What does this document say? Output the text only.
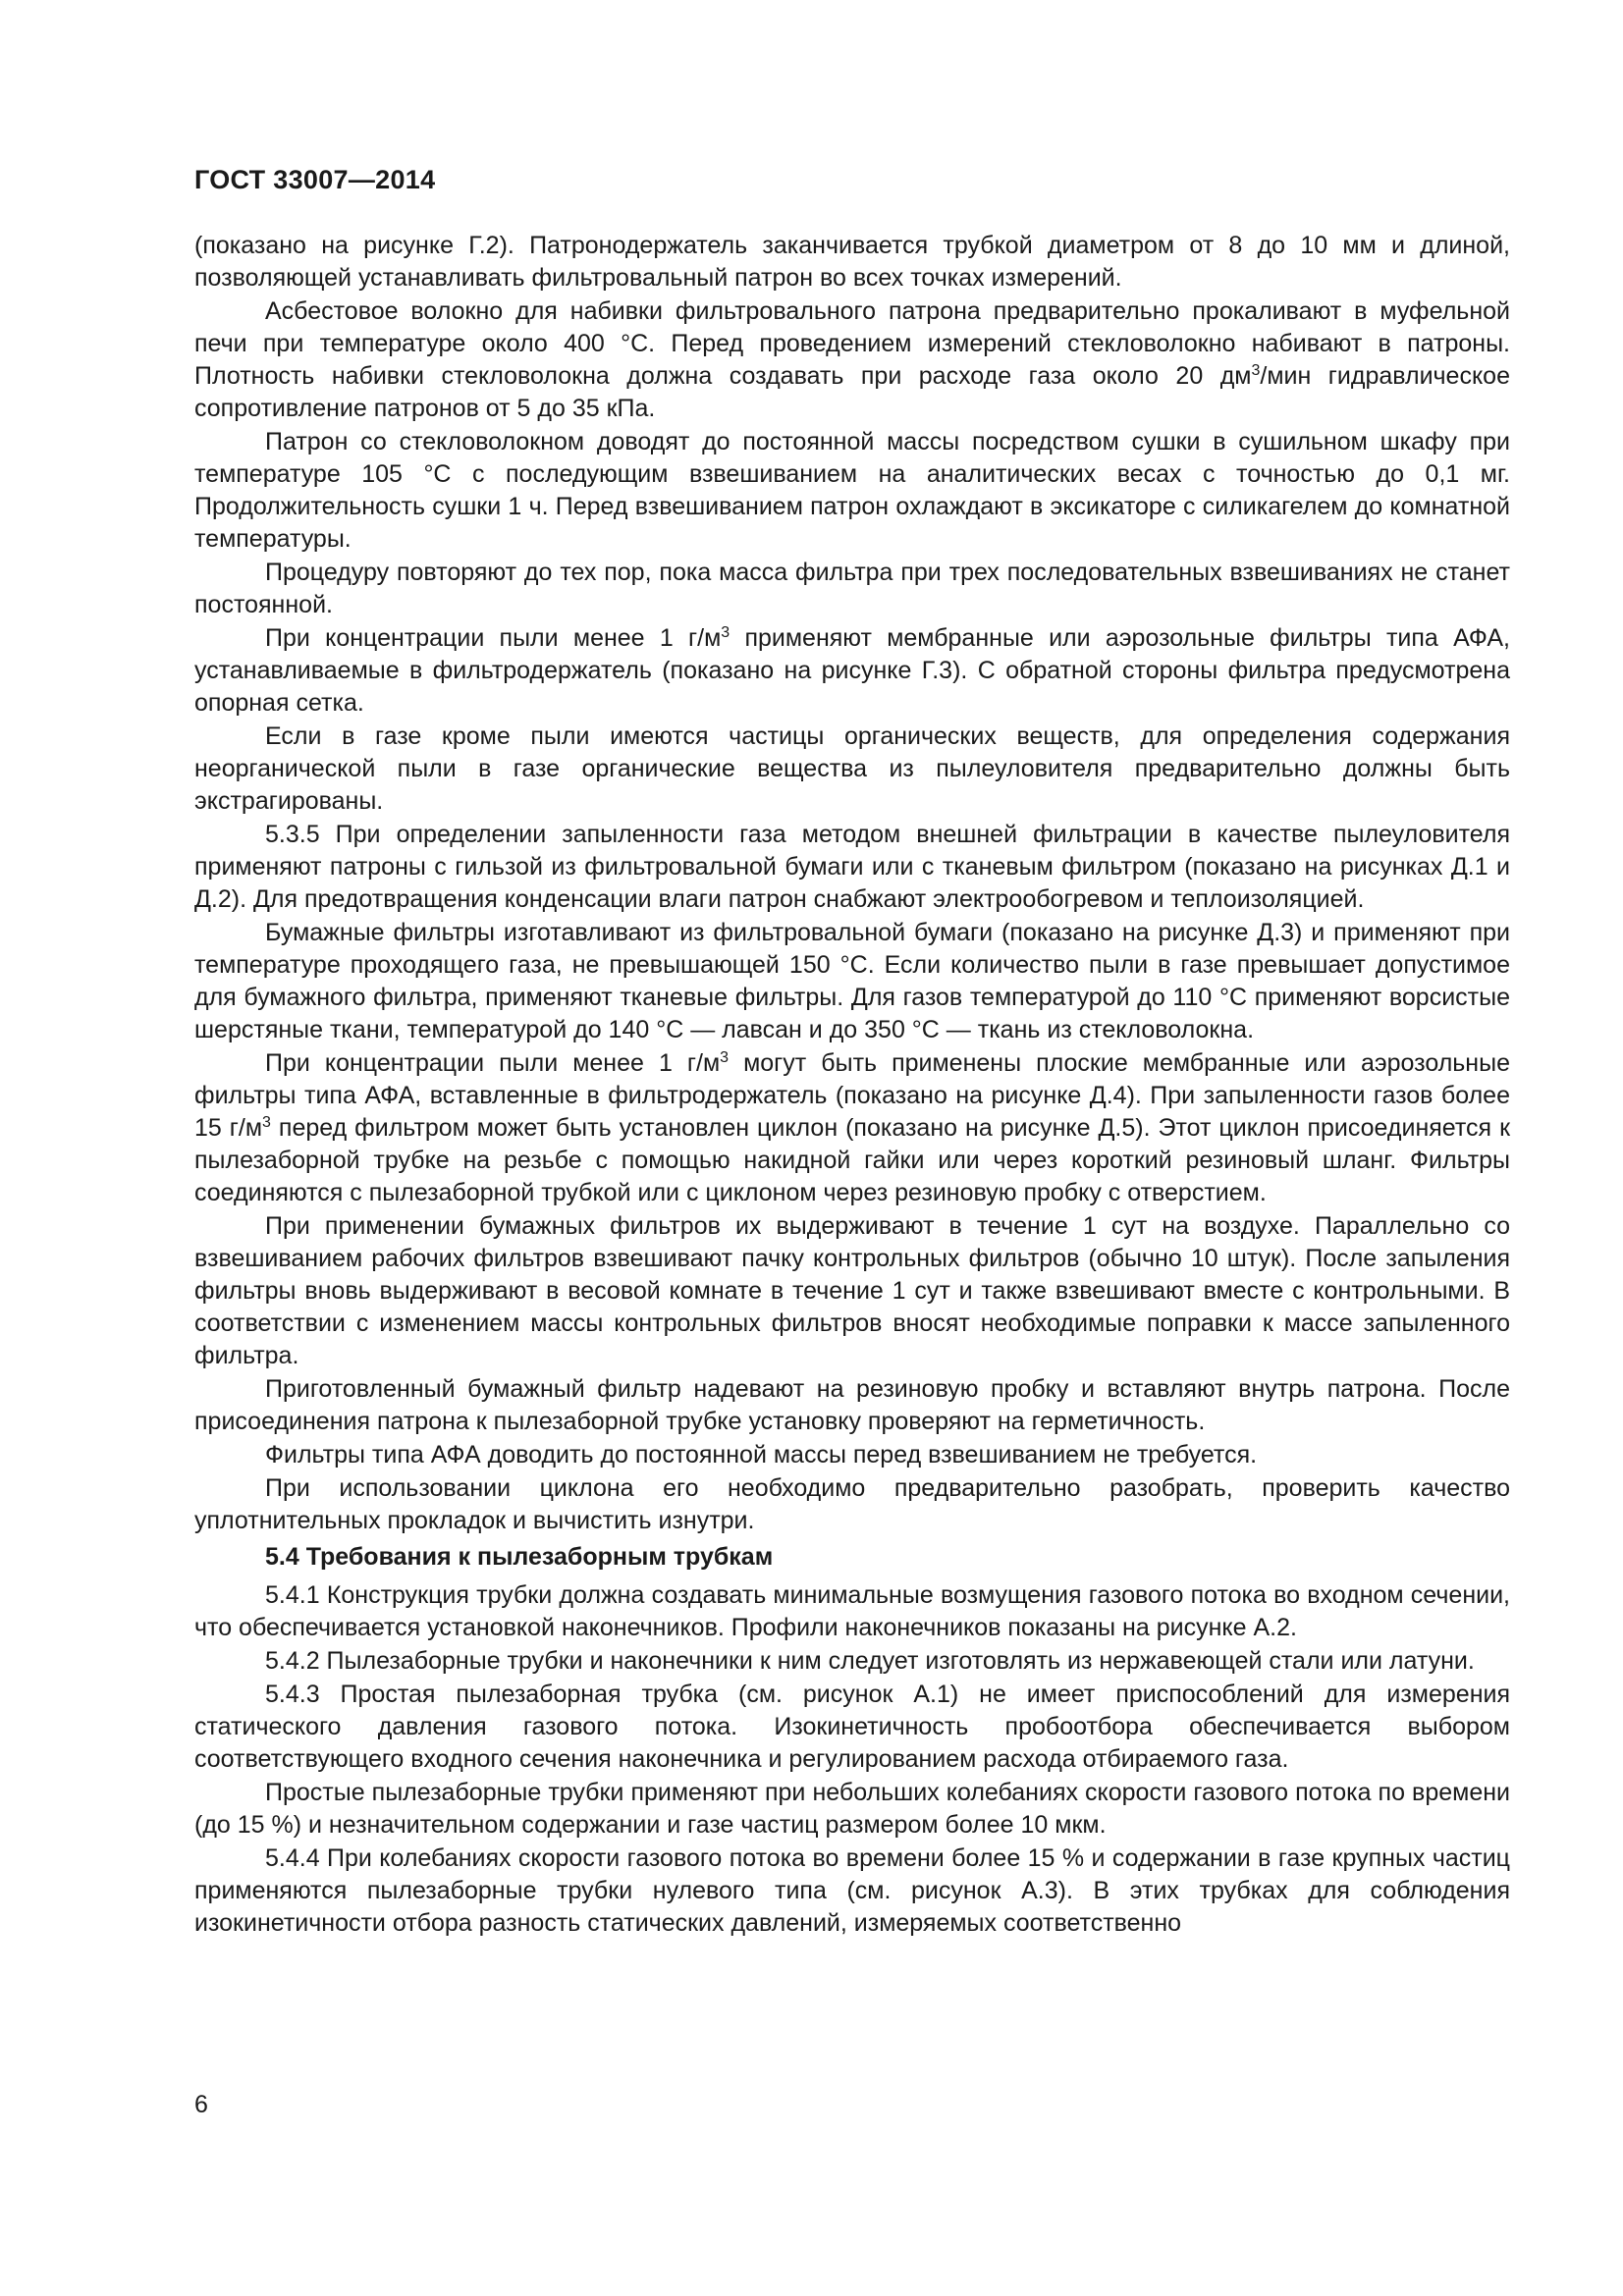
ГОСТ 33007—2014

(показано на рисунке Г.2). Патронодержатель заканчивается трубкой диаметром от 8 до 10 мм и длиной, позволяющей устанавливать фильтровальный патрон во всех точках измерений.

Асбестовое волокно для набивки фильтровального патрона предварительно прокаливают в муфельной печи при температуре около 400 °С. Перед проведением измерений стекловолокно набивают в патроны. Плотность набивки стекловолокна должна создавать при расходе газа около 20 $дм^3$/мин гидравлическое сопротивление патронов от 5 до 35 кПа.

Патрон со стекловолокном доводят до постоянной массы посредством сушки в сушильном шкафу при температуре 105 °С с последующим взвешиванием на аналитических весах с точностью до 0,1 мг. Продолжительность сушки 1 ч. Перед взвешиванием патрон охлаждают в эксикаторе с силикагелем до комнатной температуры.

Процедуру повторяют до тех пор, пока масса фильтра при трех последовательных взвешиваниях не станет постоянной.

При концентрации пыли менее 1 $г/м^3$ применяют мембранные или аэрозольные фильтры типа АФА, устанавливаемые в фильтродержатель (показано на рисунке Г.3). С обратной стороны фильтра предусмотрена опорная сетка.

Если в газе кроме пыли имеются частицы органических веществ, для определения содержания неорганической пыли в газе органические вещества из пылеуловителя предварительно должны быть экстрагированы.

5.3.5 При определении запыленности газа методом внешней фильтрации в качестве пылеуловителя применяют патроны с гильзой из фильтровальной бумаги или с тканевым фильтром (показано на рисунках Д.1 и Д.2). Для предотвращения конденсации влаги патрон снабжают электрообогревом и теплоизоляцией.

Бумажные фильтры изготавливают из фильтровальной бумаги (показано на рисунке Д.3) и применяют при температуре проходящего газа, не превышающей 150 °С. Если количество пыли в газе превышает допустимое для бумажного фильтра, применяют тканевые фильтры. Для газов температурой до 110 °С применяют ворсистые шерстяные ткани, температурой до 140 °С — лавсан и до 350 °С — ткань из стекловолокна.

При концентрации пыли менее 1 $г/м^3$ могут быть применены плоские мембранные или аэрозольные фильтры типа АФА, вставленные в фильтродержатель (показано на рисунке Д.4). При запыленности газов более 15 $г/м^3$ перед фильтром может быть установлен циклон (показано на рисунке Д.5). Этот циклон присоединяется к пылезаборной трубке на резьбе с помощью накидной гайки или через короткий резиновый шланг. Фильтры соединяются с пылезаборной трубкой или с циклоном через резиновую пробку с отверстием.

При применении бумажных фильтров их выдерживают в течение 1 сут на воздухе. Параллельно со взвешиванием рабочих фильтров взвешивают пачку контрольных фильтров (обычно 10 штук). После запыления фильтры вновь выдерживают в весовой комнате в течение 1 сут и также взвешивают вместе с контрольными. В соответствии с изменением массы контрольных фильтров вносят необходимые поправки к массе запыленного фильтра.

Приготовленный бумажный фильтр надевают на резиновую пробку и вставляют внутрь патрона. После присоединения патрона к пылезаборной трубке установку проверяют на герметичность.

Фильтры типа АФА доводить до постоянной массы перед взвешиванием не требуется.

При использовании циклона его необходимо предварительно разобрать, проверить качество уплотнительных прокладок и вычистить изнутри.

5.4 Требования к пылезаборным трубкам

5.4.1 Конструкция трубки должна создавать минимальные возмущения газового потока во входном сечении, что обеспечивается установкой наконечников. Профили наконечников показаны на рисунке А.2.

5.4.2 Пылезаборные трубки и наконечники к ним следует изготовлять из нержавеющей стали или латуни.

5.4.3 Простая пылезаборная трубка (см. рисунок А.1) не имеет приспособлений для измерения статического давления газового потока. Изокинетичность пробоотбора обеспечивается выбором соответствующего входного сечения наконечника и регулированием расхода отбираемого газа.

Простые пылезаборные трубки применяют при небольших колебаниях скорости газового потока по времени (до 15 %) и незначительном содержании и газе частиц размером более 10 мкм.

5.4.4 При колебаниях скорости газового потока во времени более 15 % и содержании в газе крупных частиц применяются пылезаборные трубки нулевого типа (см. рисунок А.3). В этих трубках для соблюдения изокинетичности отбора разность статических давлений, измеряемых соответственно

6
